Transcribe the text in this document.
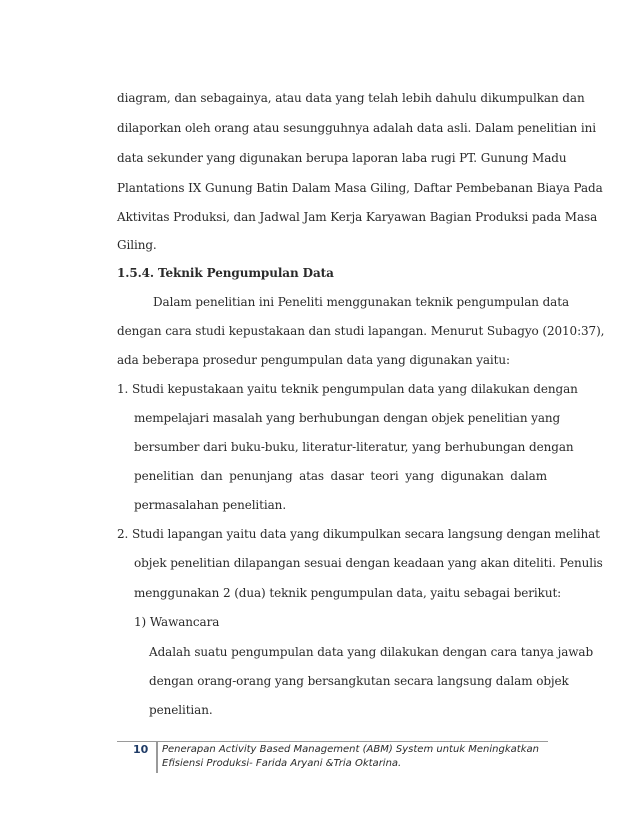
diagram, dan sebagainya, atau data yang telah lebih dahulu dikumpulkan dan
dilaporkan oleh orang atau sesungguhnya adalah data asli. Dalam penelitian ini
data sekunder yang digunakan berupa laporan laba rugi PT. Gunung Madu
Plantations IX Gunung Batin Dalam Masa Giling, Daftar Pembebanan Biaya Pada
Aktivitas Produksi, dan Jadwal Jam Kerja Karyawan Bagian Produksi pada Masa
Giling.
1.5.4. Teknik Pengumpulan Data
Dalam penelitian ini Peneliti menggunakan teknik pengumpulan data
dengan cara studi kepustakaan dan studi lapangan. Menurut Subagyo (2010:37),
ada beberapa prosedur pengumpulan data yang digunakan yaitu:
1. Studi kepustakaan yaitu teknik pengumpulan data yang dilakukan dengan
mempelajari masalah yang berhubungan dengan objek penelitian yang
bersumber dari buku-buku, literatur-literatur, yang berhubungan dengan
penelitian dan penunjang atas dasar teori yang digunakan dalam
permasalahan penelitian.
2. Studi lapangan yaitu data yang dikumpulkan secara langsung dengan melihat
objek penelitian dilapangan sesuai dengan keadaan yang akan diteliti. Penulis
menggunakan 2 (dua) teknik pengumpulan data, yaitu sebagai berikut:
1) Wawancara
Adalah suatu pengumpulan data yang dilakukan dengan cara tanya jawab
dengan orang-orang yang bersangkutan secara langsung dalam objek
penelitian.
10	Penerapan Activity Based Management (ABM) System untuk Meningkatkan
Efisiensi Produksi- Farida Aryani &Tria Oktarina.
